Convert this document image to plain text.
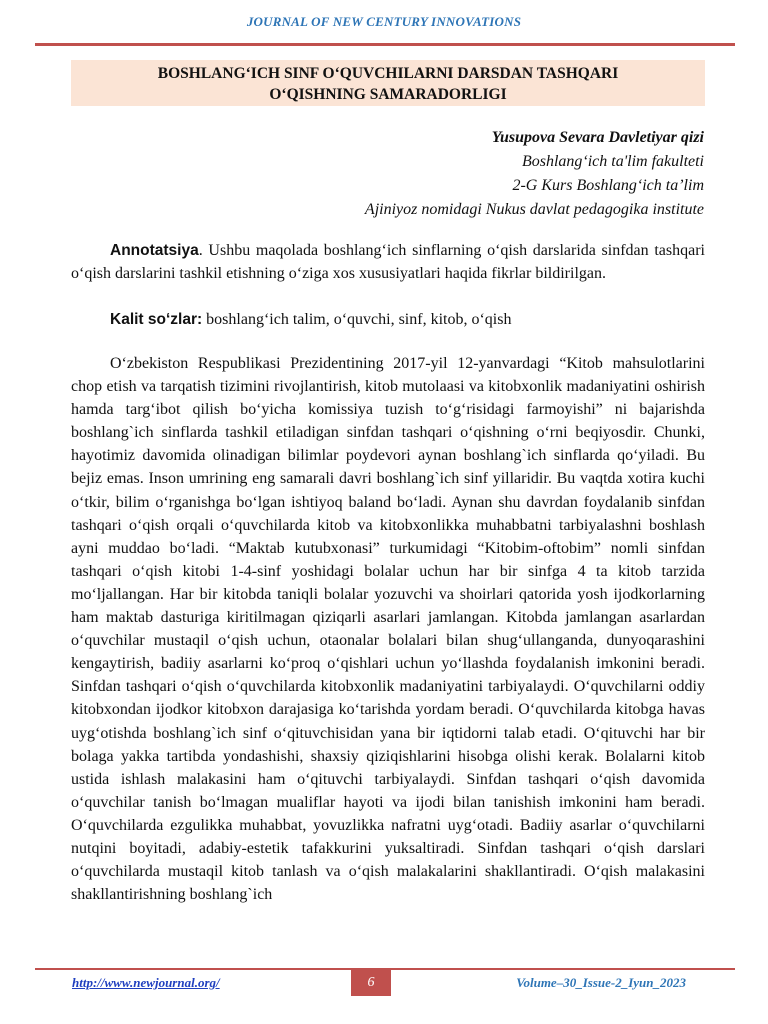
JOURNAL OF NEW CENTURY INNOVATIONS
BOSHLANG‘ICH SINF O‘QUVCHILARNI DARSDAN TASHQARI
O‘QISHNING SAMARADORLIGI
Yusupova Sevara Davletiyar qizi
Boshlang‘ich ta'lim fakulteti
2-G Kurs Boshlang‘ich ta’lim
Ajiniyoz nomidagi Nukus davlat pedagogika institute

Annotatsiya. Ushbu maqolada boshlang‘ich sinflarning o‘qish darslarida sinfdan tashqari o‘qish darslarini tashkil etishning o‘ziga xos xususiyatlari haqida fikrlar bildirilgan.

Kalit so‘zlar: boshlang‘ich talim, o‘quvchi, sinf, kitob, o‘qish

O‘zbekiston Respublikasi Prezidentining 2017-yil 12-yanvardagi “Kitob mahsulotlarini chop etish va tarqatish tizimini rivojlantirish, kitob mutolaasi va kitobxonlik madaniyatini oshirish hamda targ‘ibot qilish bo‘yicha komissiya tuzish to‘g‘risidagi farmoyishi” ni bajarishda boshlang`ich sinflarda tashkil etiladigan sinfdan tashqari o‘qishning o‘rni beqiyosdir. Chunki, hayotimiz davomida olinadigan bilimlar poydevori aynan boshlang`ich sinflarda qo‘yiladi. Bu bejiz emas. Inson umrining eng samarali davri boshlang`ich sinf yillaridir. Bu vaqtda xotira kuchi o‘tkir, bilim o‘rganishga bo‘lgan ishtiyoq baland bo‘ladi. Aynan shu davrdan foydalanib sinfdan tashqari o‘qish orqali o‘quvchilarda kitob va kitobxonlikka muhabbatni tarbiyalashni boshlash ayni muddao bo‘ladi. “Maktab kutubxonasi” turkumidagi “Kitobim-oftobim” nomli sinfdan tashqari o‘qish kitobi 1-4-sinf yoshidagi bolalar uchun har bir sinfga 4 ta kitob tarzida mo‘ljallangan. Har bir kitobda taniqli bolalar yozuvchi va shoirlari qatorida yosh ijodkorlarning ham maktab dasturiga kiritilmagan qiziqarli asarlari jamlangan. Kitobda jamlangan asarlardan o‘quvchilar mustaqil o‘qish uchun, otaonalar bolalari bilan shug‘ullanganda, dunyoqarashini kengaytirish, badiiy asarlarni ko‘proq o‘qishlari uchun yo‘llashda foydalanish imkonini beradi. Sinfdan tashqari o‘qish o‘quvchilarda kitobxonlik madaniyatini tarbiyalaydi. O‘quvchilarni oddiy kitobxondan ijodkor kitobxon darajasiga ko‘tarishda yordam beradi. O‘quvchilarda kitobga havas uyg‘otishda boshlang`ich sinf o‘qituvchisidan yana bir iqtidorni talab etadi. O‘qituvchi har bir bolaga yakka tartibda yondashishi, shaxsiy qiziqishlarini hisobga olishi kerak. Bolalarni kitob ustida ishlash malakasini ham o‘qituvchi tarbiyalaydi. Sinfdan tashqari o‘qish davomida o‘quvchilar tanish bo‘lmagan mualiflar hayoti va ijodi bilan tanishish imkonini ham beradi. O‘quvchilarda ezgulikka muhabbat, yovuzlikka nafratni uyg‘otadi. Badiiy asarlar o‘quvchilarni nutqini boyitadi, adabiy-estetik tafakkurini yuksaltiradi. Sinfdan tashqari o‘qish darslari o‘quvchilarda mustaqil kitob tanlash va o‘qish malakalarini shakllantiradi. O‘qish malakasini shakllantirishning boshlang`ich

http://www.newjournal.org/	6	Volume–30_Issue-2_Iyun_2023
